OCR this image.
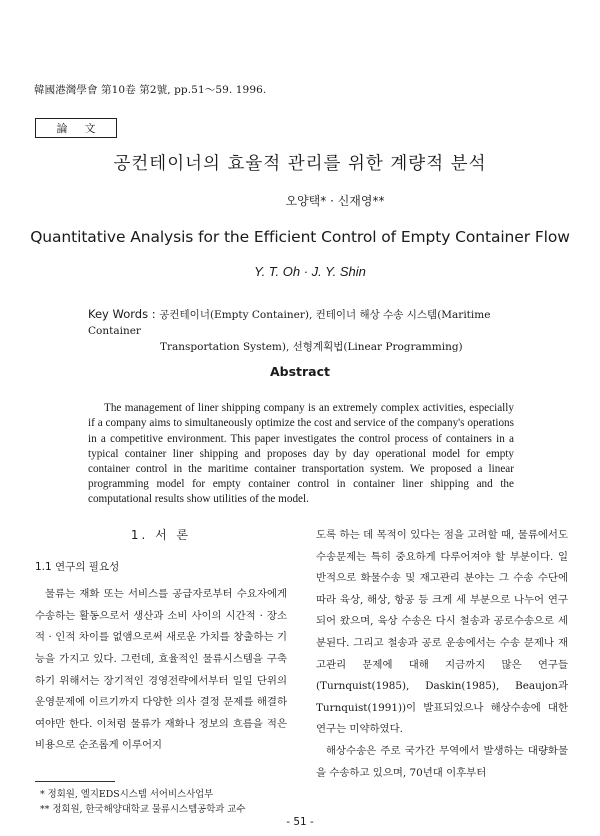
韓國港灣學會 第10卷 第2號, pp.51～59. 1996.
論 文
공컨테이너의 효율적 관리를 위한 계량적 분석
오양택* · 신재영**
Quantitative Analysis for the Efficient Control of Empty Container Flow
Y. T. Oh · J. Y. Shin
Key Words : 공컨테이너(Empty Container), 컨테이너 해상 수송 시스템(Maritime Container
Transportation System), 선형계획법(Linear Programming)
Abstract

The management of liner shipping company is an extremely complex activities, especially if a company aims to simultaneously optimize the cost and service of the company's operations in a competitive environment. This paper investigates the control process of containers in a typical container liner shipping and proposes day by day operational model for empty container control in the maritime container transportation system. We proposed a linear programming model for empty container control in container liner shipping and the computational results show utilities of the model.

1. 서 론
1.1 연구의 필요성

물류는 재화 또는 서비스를 공급자로부터 수요자에게 수송하는 활동으로서 생산과 소비 사이의 시간적 · 장소적 · 인적 차이를 없앰으로써 새로운 가치를 창출하는 기능을 가지고 있다. 그런데, 효율적인 물류시스템을 구축하기 위해서는 장기적인 경영전략에서부터 일일 단위의 운영문제에 이르기까지 다양한 의사 결정 문제를 해결하여야만 한다. 이처럼 물류가 재화나 정보의 흐름을 적은 비용으로 순조롭게 이루어지

도록 하는 데 목적이 있다는 점을 고려할 때, 물류에서도 수송문제는 특히 중요하게 다루어져야 할 부분이다. 일반적으로 화물수송 및 재고관리 분야는 그 수송 수단에 따라 육상, 해상, 항공 등 크게 세 부분으로 나누어 연구되어 왔으며, 육상 수송은 다시 철송과 공로수송으로 세분된다. 그리고 철송과 공로 운송에서는 수송 문제나 재고관리 문제에 대해 지금까지 많은 연구들(Turnquist(1985), Daskin(1985), Beaujon과 Turnquist(1991))이 발표되었으나 해상수송에 대한 연구는 미약하였다.

해상수송은 주로 국가간 무역에서 발생하는 대량화물을 수송하고 있으며, 70년대 이후부터

* 정회원, 엘지EDS시스템 서어비스사업부
** 정회원, 한국해양대학교 물류시스템공학과 교수
- 51 -
